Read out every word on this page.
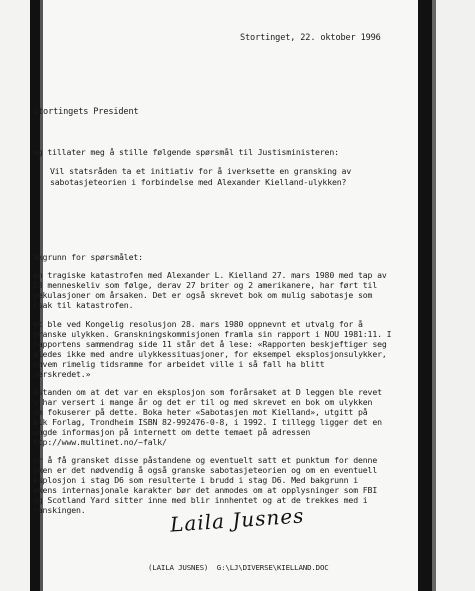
Stortinget, 22. oktober 1996
Stortingets President
eg tillater meg å stille følgende spørsmål til Justisministeren:
Vil statsråden ta et initiativ for å iverksette en gransking av
sabotasjeteorien i forbindelse med Alexander Kielland-ulykken?
akgrunn for spørsmålet:
en tragiske katastrofen med Alexander L. Kielland 27. mars 1980 med tap av
23 menneskeliv som følge, derav 27 briter og 2 amerikanere, har ført til
pekulasjoner om årsaken. Det er også skrevet bok om mulig sabotasje som
rsak til katastrofen.
et ble ved Kongelig resolusjon 28. mars 1980 oppnevnt et utvalg for å
granske ulykken. Granskningskommisjonen framla sin rapport i NOU 1981:11. I
rapportens sammendrag side 11 står det å lese: «Rapporten beskjeftiger seg
aledes ikke med andre ulykkessituasjoner, for eksempel eksplosjonsulykker,
ohvem rimelig tidsramme for arbeidet ville i så fall ha blitt
verskredet.»
åstanden om at det var en eksplosjon som forårsaket at D leggen ble revet
v har versert i mange år og det er til og med skrevet en bok om ulykken
om fokuserer på dette. Boka heter «Sabotasjen mot Kielland», utgitt på
alk Forlag, Trondheim ISBN 82-992476-0-8, i 1992. I tillegg ligger det en
ungde informasjon på internett om dette temaet på adressen
ttp://www.multinet.no/~falk/
or å få gransket disse påstandene og eventuelt satt et punktum for denne
aken er det nødvendig å også granske sabotasjeteorien og om en eventuell
ksplosjon i stag D6 som resulterte i brudd i stag D6. Med bakgrunn i
akens internasjonale karakter bør det anmodes om at opplysninger som FBI
og Scotland Yard sitter inne med blir innhentet og at de trekkes med i
ranskingen.	Laila Jusnes
(LAILA JUSNES)  G:\LJ\DIVERSE\KIELLAND.DOC
